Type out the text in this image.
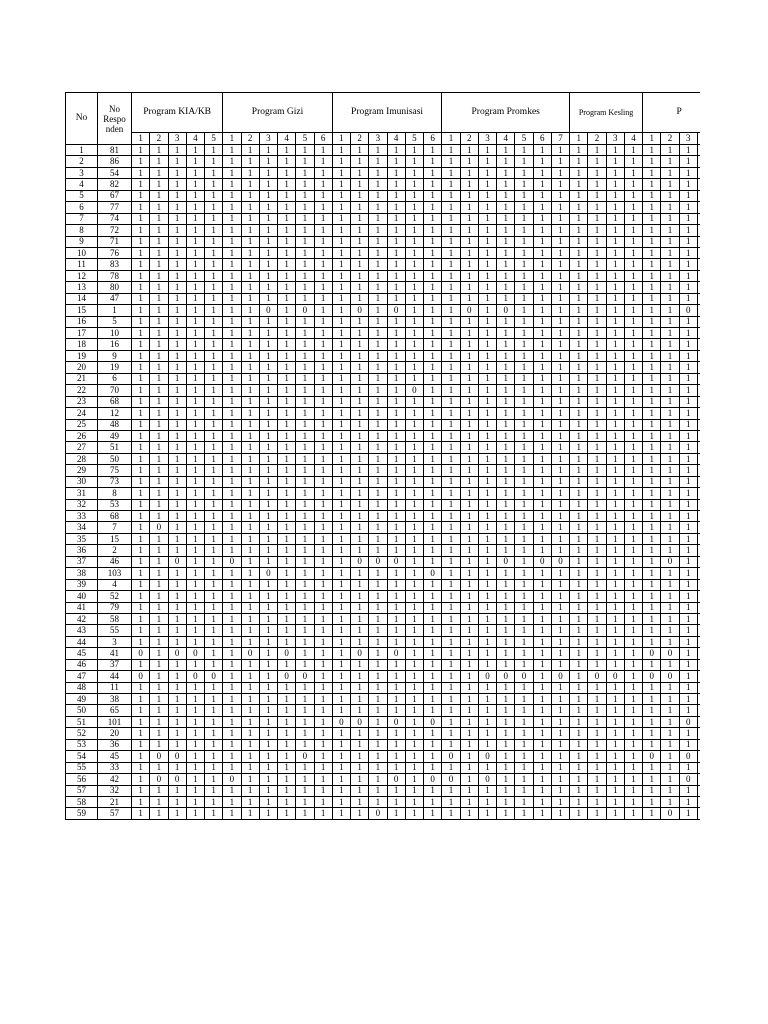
No	No Respo nden	Program KIA/KB					Program Gizi						Program Imunisasi						Program Promkes							Program Kesling				P			
		1	2	3	4	5	1	2	3	4	5	6	1	2	3	4	5	6	1	2	3	4	5	6	7	1	2	3	4	1	2	3	
1	81	1	1	1	1	1	1	1	1	1	1	1	1	1	1	1	1	1	1	1	1	1	1	1	1	1	1	1	1	1	1	1	
2	86	1	1	1	1	1	1	1	1	1	1	1	1	1	1	1	1	1	1	1	1	1	1	1	1	1	1	1	1	1	1	1	
3	54	1	1	1	1	1	1	1	1	1	1	1	1	1	1	1	1	1	1	1	1	1	1	1	1	1	1	1	1	1	1	1	
4	82	1	1	1	1	1	1	1	1	1	1	1	1	1	1	1	1	1	1	1	1	1	1	1	1	1	1	1	1	1	1	1	
5	67	1	1	1	1	1	1	1	1	1	1	1	1	1	1	1	1	1	1	1	1	1	1	1	1	1	1	1	1	1	1	1	
6	77	1	1	1	1	1	1	1	1	1	1	1	1	1	1	1	1	1	1	1	1	1	1	1	1	1	1	1	1	1	1	1	
7	74	1	1	1	1	1	1	1	1	1	1	1	1	1	1	1	1	1	1	1	1	1	1	1	1	1	1	1	1	1	1	1	
8	72	1	1	1	1	1	1	1	1	1	1	1	1	1	1	1	1	1	1	1	1	1	1	1	1	1	1	1	1	1	1	1	
9	71	1	1	1	1	1	1	1	1	1	1	1	1	1	1	1	1	1	1	1	1	1	1	1	1	1	1	1	1	1	1	1	
10	76	1	1	1	1	1	1	1	1	1	1	1	1	1	1	1	1	1	1	1	1	1	1	1	1	1	1	1	1	1	1	1	
11	83	1	1	1	1	1	1	1	1	1	1	1	1	1	1	1	1	1	1	1	1	1	1	1	1	1	1	1	1	1	1	1	
12	78	1	1	1	1	1	1	1	1	1	1	1	1	1	1	1	1	1	1	1	1	1	1	1	1	1	1	1	1	1	1	1	
13	80	1	1	1	1	1	1	1	1	1	1	1	1	1	1	1	1	1	1	1	1	1	1	1	1	1	1	1	1	1	1	1	
14	47	1	1	1	1	1	1	1	1	1	1	1	1	1	1	1	1	1	1	1	1	1	1	1	1	1	1	1	1	1	1	1	
15	1	1	1	1	1	1	1	1	0	1	0	1	1	0	1	0	1	1	1	0	1	0	1	1	1	1	1	1	1	1	1	0	
16	5	1	1	1	1	1	1	1	1	1	1	1	1	1	1	1	1	1	1	1	1	1	1	1	1	1	1	1	1	1	1	1	
17	10	1	1	1	1	1	1	1	1	1	1	1	1	1	1	1	1	1	1	1	1	1	1	1	1	1	1	1	1	1	1	1	
18	16	1	1	1	1	1	1	1	1	1	1	1	1	1	1	1	1	1	1	1	1	1	1	1	1	1	1	1	1	1	1	1	
19	9	1	1	1	1	1	1	1	1	1	1	1	1	1	1	1	1	1	1	1	1	1	1	1	1	1	1	1	1	1	1	1	
20	19	1	1	1	1	1	1	1	1	1	1	1	1	1	1	1	1	1	1	1	1	1	1	1	1	1	1	1	1	1	1	1	
21	6	1	1	1	1	1	1	1	1	1	1	1	1	1	1	1	1	1	1	1	1	1	1	1	1	1	1	1	1	1	1	1	
22	70	1	1	1	1	1	1	1	1	1	1	1	1	1	1	1	0	1	1	1	1	1	1	1	1	1	1	1	1	1	1	1	
23	68	1	1	1	1	1	1	1	1	1	1	1	1	1	1	1	1	1	1	1	1	1	1	1	1	1	1	1	1	1	1	1	
24	12	1	1	1	1	1	1	1	1	1	1	1	1	1	1	1	1	1	1	1	1	1	1	1	1	1	1	1	1	1	1	1	
25	48	1	1	1	1	1	1	1	1	1	1	1	1	1	1	1	1	1	1	1	1	1	1	1	1	1	1	1	1	1	1	1	
26	49	1	1	1	1	1	1	1	1	1	1	1	1	1	1	1	1	1	1	1	1	1	1	1	1	1	1	1	1	1	1	1	
27	51	1	1	1	1	1	1	1	1	1	1	1	1	1	1	1	1	1	1	1	1	1	1	1	1	1	1	1	1	1	1	1	
28	50	1	1	1	1	1	1	1	1	1	1	1	1	1	1	1	1	1	1	1	1	1	1	1	1	1	1	1	1	1	1	1	
29	75	1	1	1	1	1	1	1	1	1	1	1	1	1	1	1	1	1	1	1	1	1	1	1	1	1	1	1	1	1	1	1	
30	73	1	1	1	1	1	1	1	1	1	1	1	1	1	1	1	1	1	1	1	1	1	1	1	1	1	1	1	1	1	1	1	
31	8	1	1	1	1	1	1	1	1	1	1	1	1	1	1	1	1	1	1	1	1	1	1	1	1	1	1	1	1	1	1	1	
32	53	1	1	1	1	1	1	1	1	1	1	1	1	1	1	1	1	1	1	1	1	1	1	1	1	1	1	1	1	1	1	1	
33	68	1	1	1	1	1	1	1	1	1	1	1	1	1	1	1	1	1	1	1	1	1	1	1	1	1	1	1	1	1	1	1	
34	7	1	0	1	1	1	1	1	1	1	1	1	1	1	1	1	1	1	1	1	1	1	1	1	1	1	1	1	1	1	1	1	
35	15	1	1	1	1	1	1	1	1	1	1	1	1	1	1	1	1	1	1	1	1	1	1	1	1	1	1	1	1	1	1	1	
36	2	1	1	1	1	1	1	1	1	1	1	1	1	1	1	1	1	1	1	1	1	1	1	1	1	1	1	1	1	1	1	1	
37	46	1	1	0	1	1	0	1	1	1	1	1	1	0	0	0	1	1	1	1	1	0	1	0	0	1	1	1	1	1	0	1	
38	103	1	1	1	1	1	1	1	0	1	1	1	1	1	1	1	1	0	1	1	1	1	1	1	1	1	1	1	1	1	1	1	
39	4	1	1	1	1	1	1	1	1	1	1	1	1	1	1	1	1	1	1	1	1	1	1	1	1	1	1	1	1	1	1	1	
40	52	1	1	1	1	1	1	1	1	1	1	1	1	1	1	1	1	1	1	1	1	1	1	1	1	1	1	1	1	1	1	1	
41	79	1	1	1	1	1	1	1	1	1	1	1	1	1	1	1	1	1	1	1	1	1	1	1	1	1	1	1	1	1	1	1	
42	58	1	1	1	1	1	1	1	1	1	1	1	1	1	1	1	1	1	1	1	1	1	1	1	1	1	1	1	1	1	1	1	
43	55	1	1	1	1	1	1	1	1	1	1	1	1	1	1	1	1	1	1	1	1	1	1	1	1	1	1	1	1	1	1	1	
44	3	1	1	1	1	1	1	1	1	1	1	1	1	1	1	1	1	1	1	1	1	1	1	1	1	1	1	1	1	1	1	1	
45	41	0	1	0	0	1	1	0	1	0	1	1	1	0	1	0	1	1	1	1	1	1	1	1	1	1	1	1	1	0	0	1	
46	37	1	1	1	1	1	1	1	1	1	1	1	1	1	1	1	1	1	1	1	1	1	1	1	1	1	1	1	1	1	1	1	
47	44	0	1	1	0	0	1	1	1	0	0	1	1	1	1	1	1	1	1	1	0	0	0	1	0	1	0	0	1	0	0	1	
48	11	1	1	1	1	1	1	1	1	1	1	1	1	1	1	1	1	1	1	1	1	1	1	1	1	1	1	1	1	1	1	1	
49	38	1	1	1	1	1	1	1	1	1	1	1	1	1	1	1	1	1	1	1	1	1	1	1	1	1	1	1	1	1	1	1	
50	65	1	1	1	1	1	1	1	1	1	1	1	1	1	1	1	1	1	1	1	1	1	1	1	1	1	1	1	1	1	1	1	
51	101	1	1	1	1	1	1	1	1	1	1	1	0	0	1	0	1	0	1	1	1	1	1	1	1	1	1	1	1	1	1	0	
52	20	1	1	1	1	1	1	1	1	1	1	1	1	1	1	1	1	1	1	1	1	1	1	1	1	1	1	1	1	1	1	1	
53	36	1	1	1	1	1	1	1	1	1	1	1	1	1	1	1	1	1	1	1	1	1	1	1	1	1	1	1	1	1	1	1	
54	45	1	0	0	1	1	1	1	1	1	0	1	1	1	1	1	1	1	0	1	0	1	1	1	1	1	1	1	1	0	1	0	
55	33	1	1	1	1	1	1	1	1	1	1	1	1	1	1	1	1	1	1	1	1	1	1	1	1	1	1	1	1	1	1	1	
56	42	1	0	0	1	1	0	1	1	1	1	1	1	1	1	0	1	0	0	1	0	1	1	1	1	1	1	1	1	1	1	0	
57	32	1	1	1	1	1	1	1	1	1	1	1	1	1	1	1	1	1	1	1	1	1	1	1	1	1	1	1	1	1	1	1	
58	21	1	1	1	1	1	1	1	1	1	1	1	1	1	1	1	1	1	1	1	1	1	1	1	1	1	1	1	1	1	1	1	
59	57	1	1	1	1	1	1	1	1	1	1	1	1	1	0	1	1	1	1	1	1	1	1	1	1	1	1	1	1	1	0	1	
